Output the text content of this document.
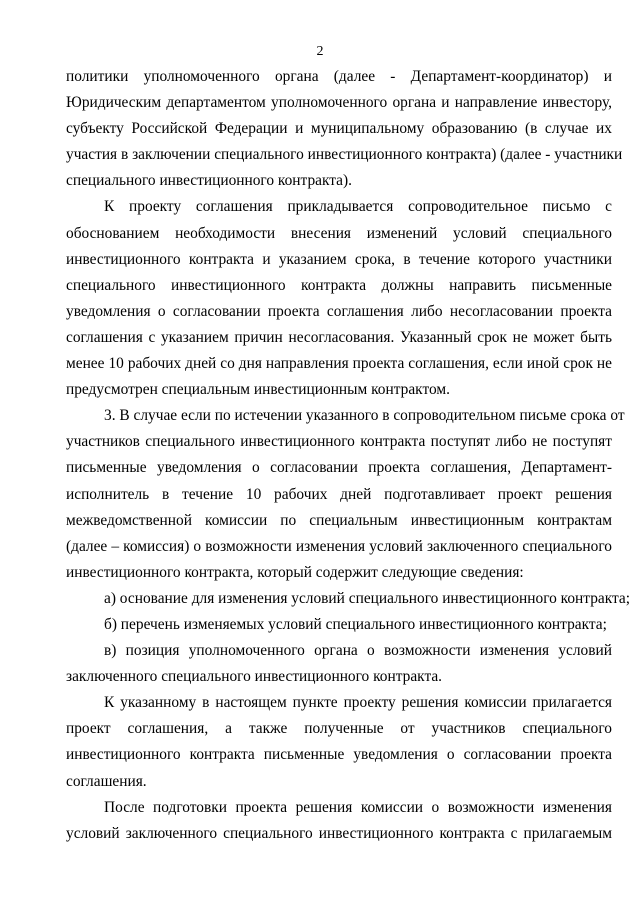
2
политики уполномоченного органа (далее - Департамент-координатор) и
Юридическим департаментом уполномоченного органа и направление инвестору,
субъекту Российской Федерации и муниципальному образованию (в случае их
участия в заключении специального инвестиционного контракта) (далее - участники
специального инвестиционного контракта).
К проекту соглашения прикладывается сопроводительное письмо с
обоснованием необходимости внесения изменений условий специального
инвестиционного контракта и указанием срока, в течение которого участники
специального инвестиционного контракта должны направить письменные
уведомления о согласовании проекта соглашения либо несогласовании проекта
соглашения с указанием причин несогласования. Указанный срок не может быть
менее 10 рабочих дней со дня направления проекта соглашения, если иной срок не
предусмотрен специальным инвестиционным контрактом.
3. В случае если по истечении указанного в сопроводительном письме срока от
участников специального инвестиционного контракта поступят либо не поступят
письменные уведомления о согласовании проекта соглашения, Департамент-
исполнитель в течение 10 рабочих дней подготавливает проект решения
межведомственной комиссии по специальным инвестиционным контрактам
(далее – комиссия) о возможности изменения условий заключенного специального
инвестиционного контракта, который содержит следующие сведения:
а) основание для изменения условий специального инвестиционного контракта;
б) перечень изменяемых условий специального инвестиционного контракта;
в) позиция уполномоченного органа о возможности изменения условий
заключенного специального инвестиционного контракта.
К указанному в настоящем пункте проекту решения комиссии прилагается
проект соглашения, а также полученные от участников специального
инвестиционного контракта письменные уведомления о согласовании проекта
соглашения.
После подготовки проекта решения комиссии о возможности изменения
условий заключенного специального инвестиционного контракта с прилагаемым
